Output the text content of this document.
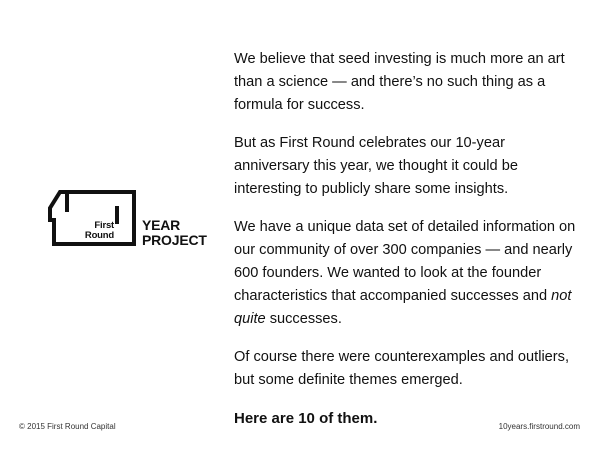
First
Round
YEAR
PROJECT

We believe that seed investing is much more an art than a science — and there’s no such thing as a formula for success.

But as First Round celebrates our 10-year anniversary this year, we thought it could be interesting to publicly share some insights.

We have a unique data set of detailed information on our community of over 300 companies — and nearly 600 founders. We wanted to look at the founder characteristics that accompanied successes and not quite successes.

Of course there were counterexamples and outliers, but some definite themes emerged.

Here are 10 of them.

© 2015 First Round Capital	10years.firstround.com
